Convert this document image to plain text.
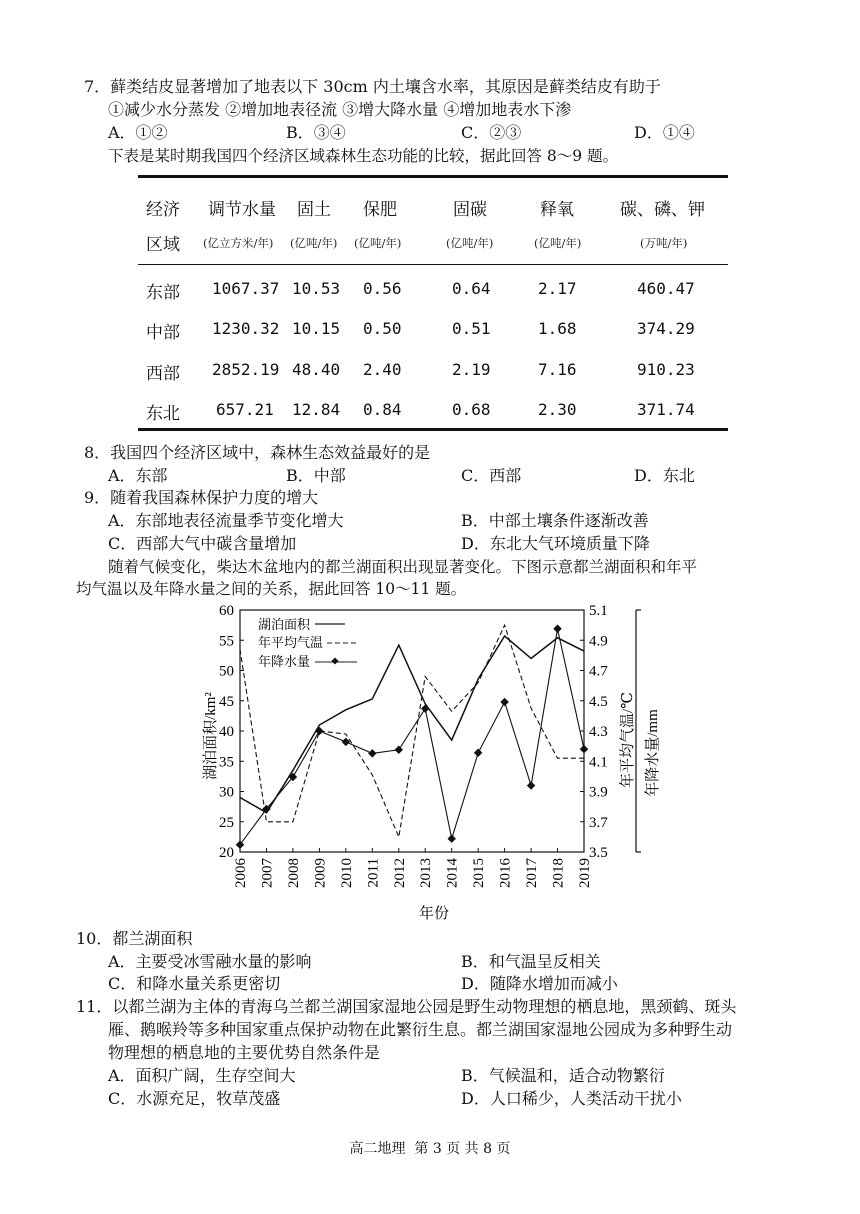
7．藓类结皮显著增加了地表以下 30cm 内土壤含水率，其原因是藓类结皮有助于
①减少水分蒸发 ②增加地表径流 ③增大降水量 ④增加地表水下渗
A．①②	B．③④	C．②③	D．①④
下表是某时期我国四个经济区域森林生态功能的比较，据此回答 8～9 题。
经济 调节水量 固土 保肥	固碳	释氧	碳、磷、钾
区域 (亿立方米/年) (亿吨/年) (亿吨/年)	(亿吨/年)	(亿吨/年)	(万吨/年)
东部 1067.37 10.53 0.56	0.64	2.17	460.47
中部 1230.32 10.15 0.50	0.51	1.68	374.29
西部 2852.19 48.40 2.40	2.19	7.16	910.23
东北 657.21 12.84 0.84	0.68	2.30	371.74
8．我国四个经济区域中，森林生态效益最好的是
A．东部	B．中部	C．西部	D．东北
9．随着我国森林保护力度的增大
A．东部地表径流量季节变化增大	B．中部土壤条件逐渐改善
C．西部大气中碳含量增加	D．东北大气环境质量下降
随着气候变化，柴达木盆地内的都兰湖面积出现显著变化。下图示意都兰湖面积和年平
均气温以及年降水量之间的关系，据此回答 10～11 题。
20
25
30
35
40
45
50
55
60
3.5
3.7
3.9
4.1
4.3
4.5
4.7
4.9
5.1
2006 2007 2008 2009 2010 2011 2012 2013 2014 2015 2016 2017 2018 2019
湖泊面积
年平均气温
年降水量
年份
湖泊面积/km²	年平均气温/℃ 年降水量/mm
10．都兰湖面积
A．主要受冰雪融水量的影响	B．和气温呈反相关
C．和降水量关系更密切	D．随降水增加而减小
11．以都兰湖为主体的青海乌兰都兰湖国家湿地公园是野生动物理想的栖息地，黑颈鹤、斑头
雁、鹅喉羚等多种国家重点保护动物在此繁衍生息。都兰湖国家湿地公园成为多种野生动
物理想的栖息地的主要优势自然条件是
A．面积广阔，生存空间大	B．气候温和，适合动物繁衍
C．水源充足，牧草茂盛	D．人口稀少，人类活动干扰小
高二地理  第 3 页 共 8 页
